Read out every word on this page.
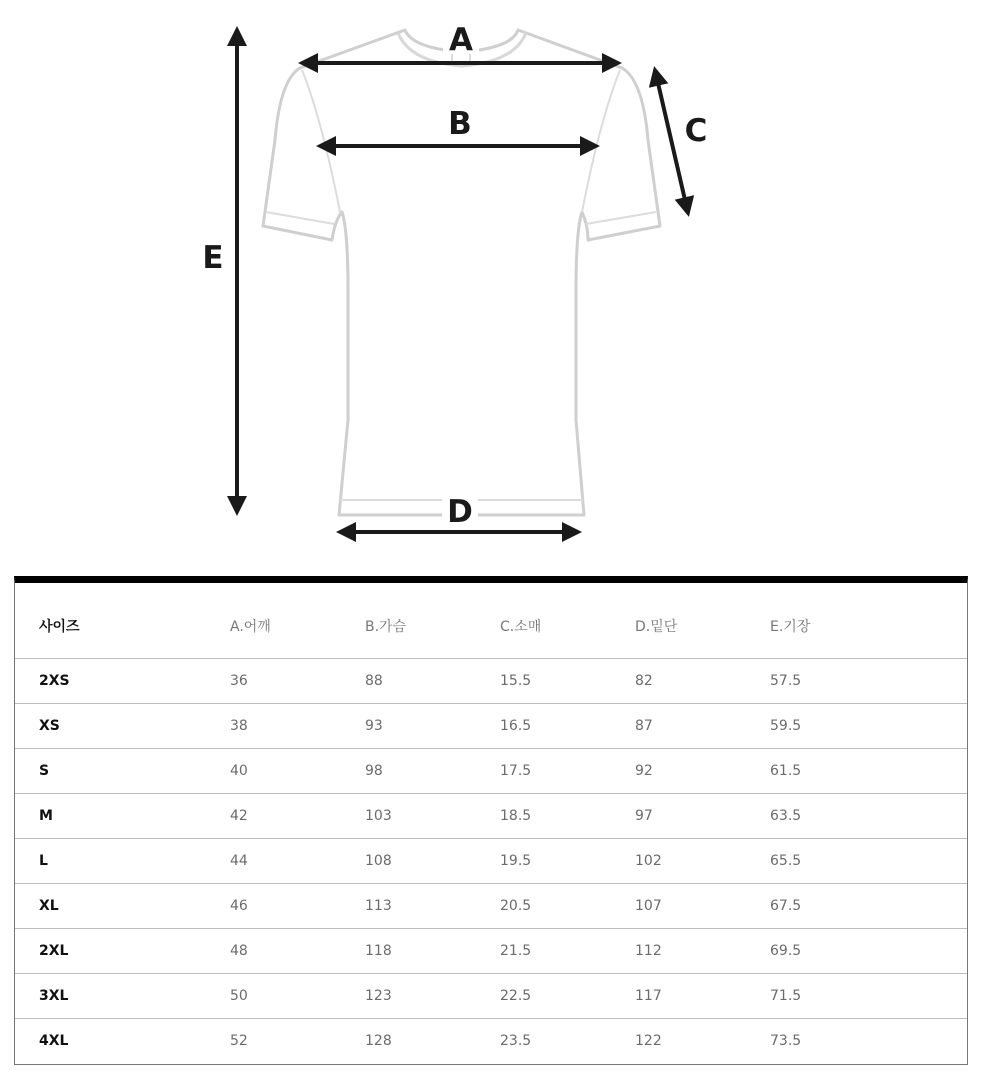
A
B	C
D
E
사이즈	A.어깨	B.가슴	C.소매	D.밑단	E.기장
2XS	36	88	15.5	82	57.5
XS	38	93	16.5	87	59.5
S	40	98	17.5	92	61.5
M	42	103	18.5	97	63.5
L	44	108	19.5	102	65.5
XL	46	113	20.5	107	67.5
2XL	48	118	21.5	112	69.5
3XL	50	123	22.5	117	71.5
4XL	52	128	23.5	122	73.5
